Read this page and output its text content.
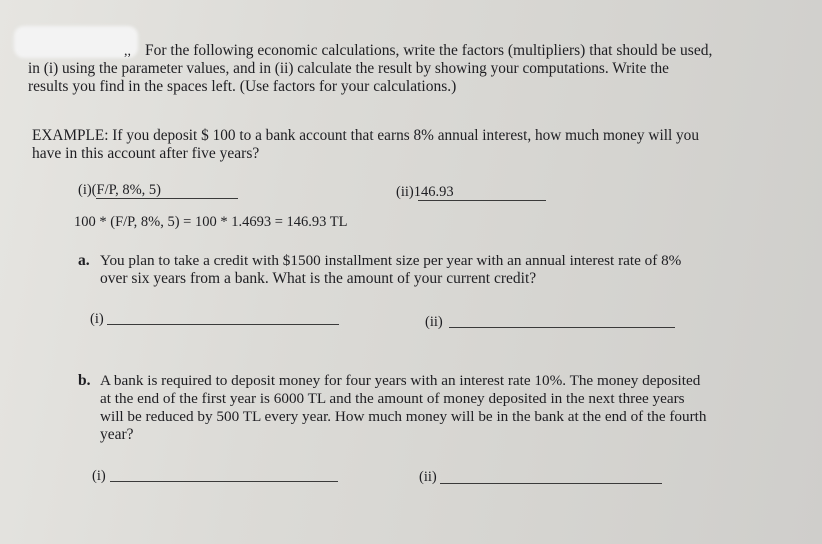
,, For the following economic calculations, write the factors (multipliers) that should be used,
in (i) using the parameter values, and in (ii) calculate the result by showing your computations. Write the
results you find in the spaces left. (Use factors for your calculations.)
EXAMPLE: If you deposit $ 100 to a bank account that earns 8% annual interest, how much money will you
have in this account after five years?
(i)(F/P, 8%, 5)	(ii)146.93
100 * (F/P, 8%, 5) = 100 * 1.4693 = 146.93 TL
a. You plan to take a credit with $1500 installment size per year with an annual interest rate of 8%
over six years from a bank. What is the amount of your current credit?
(i)	(ii)
b. A bank is required to deposit money for four years with an interest rate 10%. The money deposited
at the end of the first year is 6000 TL and the amount of money deposited in the next three years
will be reduced by 500 TL every year. How much money will be in the bank at the end of the fourth
year?
(i)	(ii)
